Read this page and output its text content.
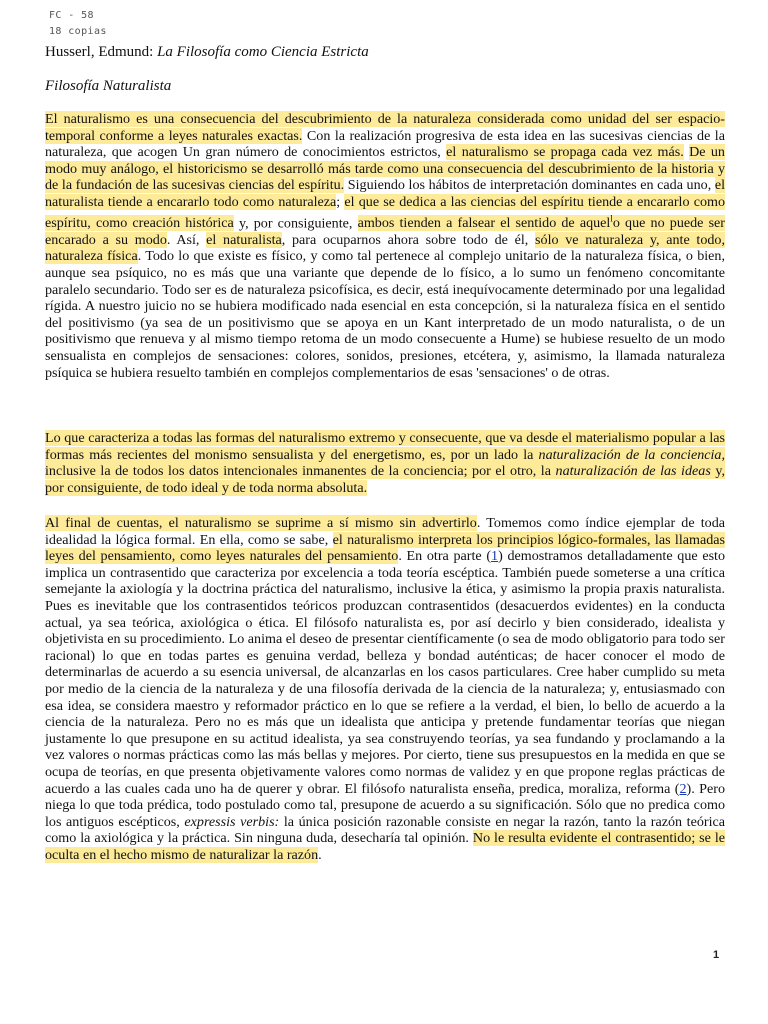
FC - 58
18 copias
Husserl, Edmund: La Filosofía como Ciencia Estricta
Filosofía Naturalista

El naturalismo es una consecuencia del descubrimiento de la naturaleza considerada como unidad del ser espacio-temporal conforme a leyes naturales exactas. Con la realización progresiva de esta idea en las sucesivas ciencias de la naturaleza, que acogen Un gran número de conocimientos estrictos, el naturalismo se propaga cada vez más. De un modo muy análogo, el historicismo se desarrolló más tarde como una consecuencia del descubrimiento de la historia y de la fundación de las sucesivas ciencias del espíritu. Siguiendo los hábitos de interpretación dominantes en cada uno, el naturalista tiende a encararlo todo como naturaleza; el que se dedica a las ciencias del espíritu tiende a encararlo como espíritu, como creación histórica y, por consiguiente, ambos tienden a falsear el sentido de aquel$^l$o que no puede ser encarado a su modo. Así, el naturalista, para ocuparnos ahora sobre todo de él, sólo ve naturaleza y, ante todo, naturaleza física. Todo lo que existe es físico, y como tal pertenece al complejo unitario de la naturaleza física, o bien, aunque sea psíquico, no es más que una variante que depende de lo físico, a lo sumo un fenómeno concomitante paralelo secundario. Todo ser es de naturaleza psicofísica, es decir, está inequívocamente determinado por una legalidad rígida. A nuestro juicio no se hubiera modificado nada esencial en esta concepción, si la naturaleza física en el sentido del positivismo (ya sea de un positivismo que se apoya en un Kant interpretado de un modo naturalista, o de un positivismo que renueva y al mismo tiempo retoma de un modo consecuente a Hume) se hubiese resuelto de un modo sensualista en complejos de sensaciones: colores, sonidos, presiones, etcétera, y, asimismo, la llamada naturaleza psíquica se hubiera resuelto también en complejos complementarios de esas 'sensaciones' o de otras.

Lo que caracteriza a todas las formas del naturalismo extremo y consecuente, que va desde el materialismo popular a las formas más recientes del monismo sensualista y del energetismo, es, por un lado la naturalización de la conciencia, inclusive la de todos los datos intencionales inmanentes de la conciencia; por el otro, la naturalización de las ideas y, por consiguiente, de todo ideal y de toda norma absoluta.

Al final de cuentas, el naturalismo se suprime a sí mismo sin advertirlo. Tomemos como índice ejemplar de toda idealidad la lógica formal. En ella, como se sabe, el naturalismo interpreta los principios lógico-formales, las llamadas leyes del pensamiento, como leyes naturales del pensamiento. En otra parte (1) demostramos detalladamente que esto implica un contrasentido que caracteriza por excelencia a toda teoría escéptica. También puede someterse a una crítica semejante la axiología y la doctrina práctica del naturalismo, inclusive la ética, y asimismo la propia praxis naturalista. Pues es inevitable que los contrasentidos teóricos produzcan contrasentidos (desacuerdos evidentes) en la conducta actual, ya sea teórica, axiológica o ética. El filósofo naturalista es, por así decirlo y bien considerado, idealista y objetivista en su procedimiento. Lo anima el deseo de presentar científicamente (o sea de modo obligatorio para todo ser racional) lo que en todas partes es genuina verdad, belleza y bondad auténticas; de hacer conocer el modo de determinarlas de acuerdo a su esencia universal, de alcanzarlas en los casos particulares. Cree haber cumplido su meta por medio de la ciencia de la naturaleza y de una filosofía derivada de la ciencia de la naturaleza; y, entusiasmado con esa idea, se considera maestro y reformador práctico en lo que se refiere a la verdad, el bien, lo bello de acuerdo a la ciencia de la naturaleza. Pero no es más que un idealista que anticipa y pretende fundamentar teorías que niegan justamente lo que presupone en su actitud idealista, ya sea construyendo teorías, ya sea fundando y proclamando a la vez valores o normas prácticas como las más bellas y mejores. Por cierto, tiene sus presupuestos en la medida en que se ocupa de teorías, en que presenta objetivamente valores como normas de validez y en que propone reglas prácticas de acuerdo a las cuales cada uno ha de querer y obrar. El filósofo naturalista enseña, predica, moraliza, reforma (2). Pero niega lo que toda prédica, todo postulado como tal, presupone de acuerdo a su significación. Sólo que no predica como los antiguos escépticos, expressis verbis: la única posición razonable consiste en negar la razón, tanto la razón teórica como la axiológica y la práctica. Sin ninguna duda, desecharía tal opinión. No le resulta evidente el contrasentido; se le oculta en el hecho mismo de naturalizar la razón.

1
